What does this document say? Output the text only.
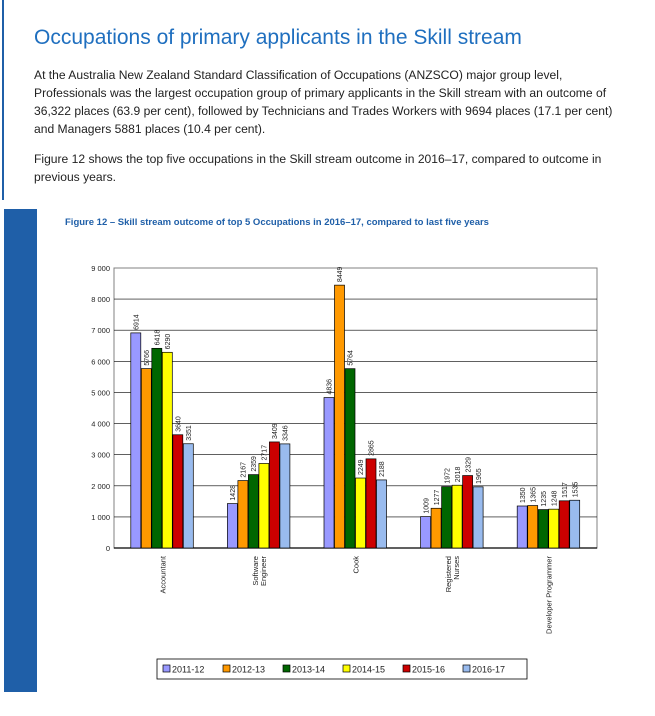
Occupations of primary applicants in the Skill stream
At the Australia New Zealand Standard Classification of Occupations (ANZSCO) major group level, Professionals was the largest occupation group of primary applicants in the Skill stream with an outcome of 36,322 places (63.9 per cent), followed by Technicians and Trades Workers with 9694 places (17.1 per cent) and Managers 5881 places (10.4 per cent).
Figure 12 shows the top five occupations in the Skill stream outcome in 2016–17, compared to outcome in previous years.
Figure 12 – Skill stream outcome of top 5 Occupations in 2016–17, compared to last five years
0
1 000
2 000
3 000
4 000
5 000
6 000
7 000
8 000
9 000
6914
5766
6418 6290
3640
3351
1428
2167 2359
2717
3409 3346
4836
8449
5764
2249
2865
2188
1009
1277
1972 2018
2329
1965
1350 1365 1235 1248
1517 1535
Accountant	Software Engineer	Cook	Registered Nurses	Developer Programmer
2011-12	2012-13	2013-14	2014-15	2015-16	2016-17
